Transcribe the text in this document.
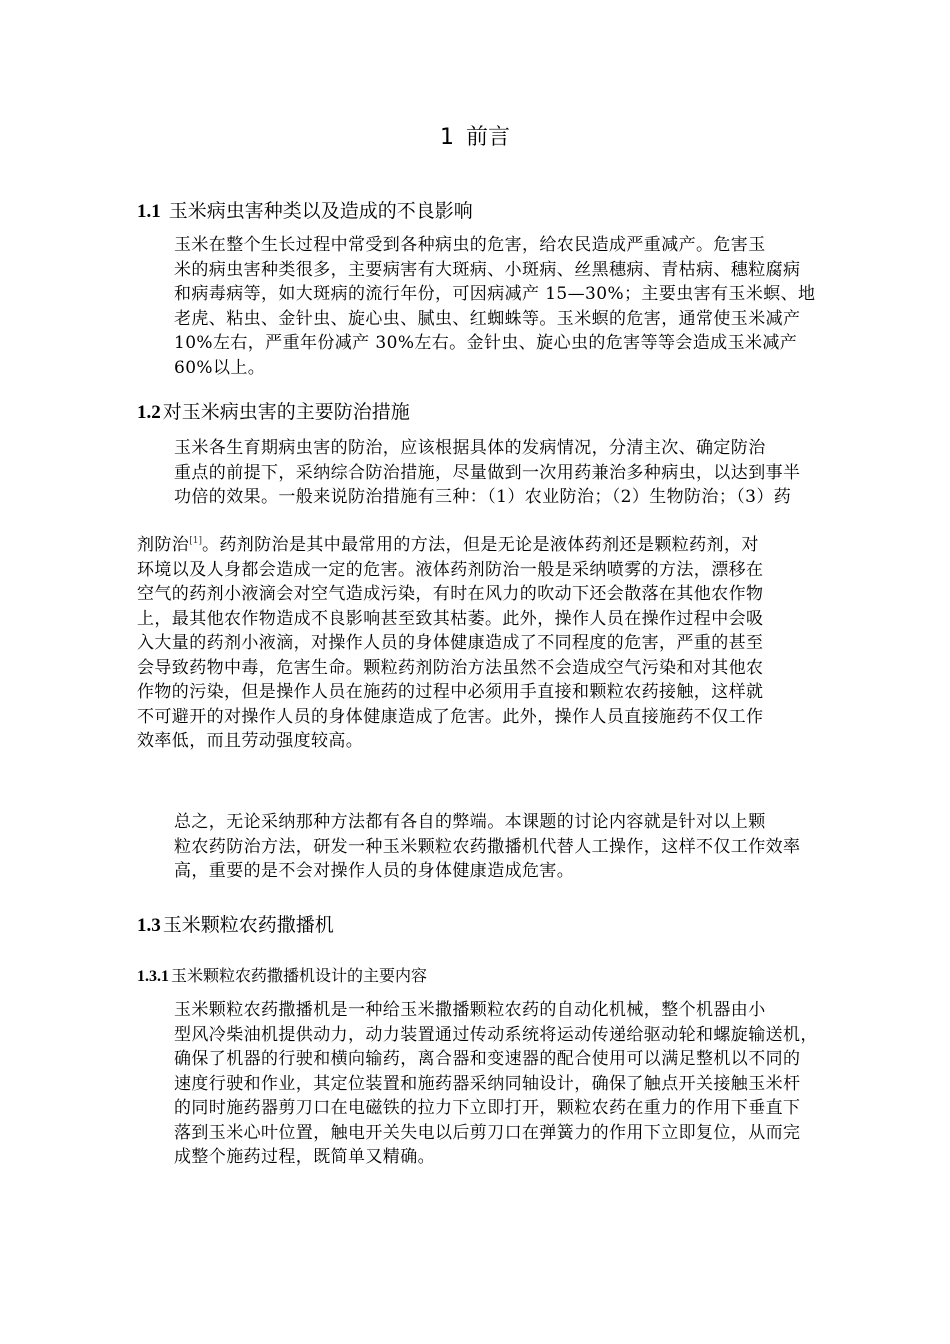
1 前言
1.1 玉米病虫害种类以及造成的不良影响

玉米在整个生长过程中常受到各种病虫的危害，给农民造成严重减产。危害玉
米的病虫害种类很多，主要病害有大斑病、小斑病、丝黑穗病、青枯病、穗粒腐病
和病毒病等，如大斑病的流行年份，可因病减产 15—30%；主要虫害有玉米螟、地
老虎、粘虫、金针虫、旋心虫、腻虫、红蜘蛛等。玉米螟的危害，通常使玉米减产
10%左右，严重年份减产 30%左右。金针虫、旋心虫的危害等等会造成玉米减产
60%以上。

1.2 对玉米病虫害的主要防治措施

玉米各生育期病虫害的防治，应该根据具体的发病情况，分清主次、确定防治
重点的前提下，采纳综合防治措施，尽量做到一次用药兼治多种病虫，以达到事半
功倍的效果。一般来说防治措施有三种：（1）农业防治；（2）生物防治；（3）药

剂防治[1]。药剂防治是其中最常用的方法，但是无论是液体药剂还是颗粒药剂，对
环境以及人身都会造成一定的危害。液体药剂防治一般是采纳喷雾的方法，漂移在
空气的药剂小液滴会对空气造成污染，有时在风力的吹动下还会散落在其他农作物
上，最其他农作物造成不良影响甚至致其枯萎。此外，操作人员在操作过程中会吸
入大量的药剂小液滴，对操作人员的身体健康造成了不同程度的危害，严重的甚至
会导致药物中毒，危害生命。颗粒药剂防治方法虽然不会造成空气污染和对其他农
作物的污染，但是操作人员在施药的过程中必须用手直接和颗粒农药接触，这样就
不可避开的对操作人员的身体健康造成了危害。此外，操作人员直接施药不仅工作
效率低，而且劳动强度较高。

总之，无论采纳那种方法都有各自的弊端。本课题的讨论内容就是针对以上颗
粒农药防治方法，研发一种玉米颗粒农药撒播机代替人工操作，这样不仅工作效率
高，重要的是不会对操作人员的身体健康造成危害。

1.3 玉米颗粒农药撒播机
1.3.1 玉米颗粒农药撒播机设计的主要内容

玉米颗粒农药撒播机是一种给玉米撒播颗粒农药的自动化机械，整个机器由小
型风冷柴油机提供动力，动力装置通过传动系统将运动传递给驱动轮和螺旋输送机，
确保了机器的行驶和横向输药，离合器和变速器的配合使用可以满足整机以不同的
速度行驶和作业，其定位装置和施药器采纳同轴设计，确保了触点开关接触玉米杆
的同时施药器剪刀口在电磁铁的拉力下立即打开，颗粒农药在重力的作用下垂直下
落到玉米心叶位置，触电开关失电以后剪刀口在弹簧力的作用下立即复位，从而完
成整个施药过程，既简单又精确。
